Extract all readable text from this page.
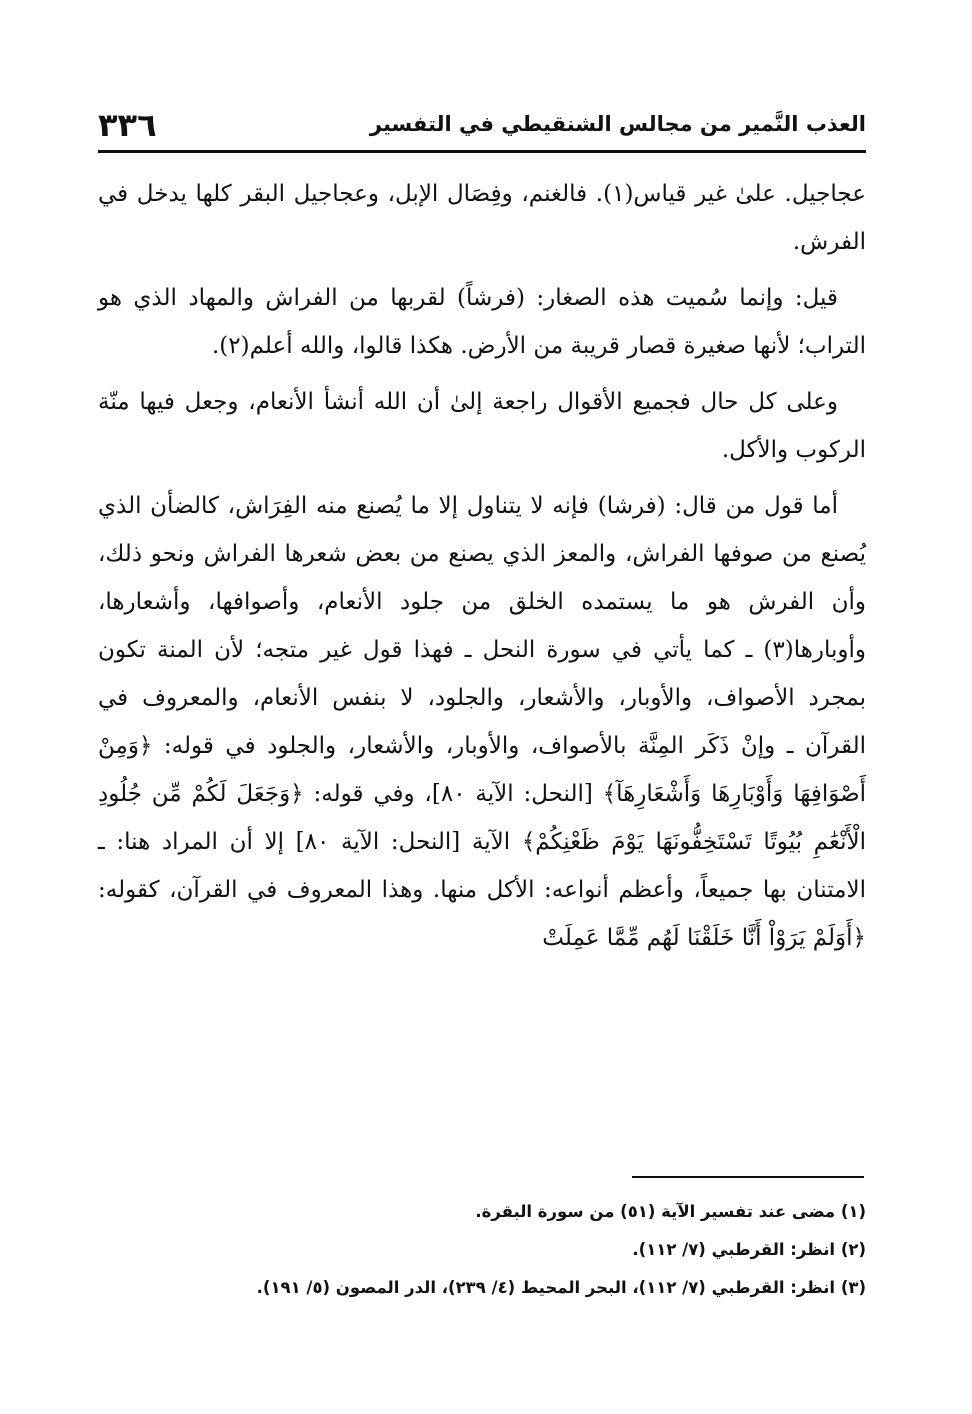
العذب النَّمير من مجالس الشنقيطي في التفسير
٣٣٦

عجاجيل. علىٰ غير قياس(١). فالغنم، وفِصَال الإبل، وعجاجيل البقر كلها يدخل في الفرش.

قيل: وإنما سُميت هذه الصغار: (فرشاً) لقربها من الفراش والمهاد الذي هو التراب؛ لأنها صغيرة قصار قريبة من الأرض. هكذا قالوا، والله أعلم(٢).

وعلى كل حال فجميع الأقوال راجعة إلىٰ أن الله أنشأ الأنعام، وجعل فيها منّة الركوب والأكل.

أما قول من قال: (فرشا) فإنه لا يتناول إلا ما يُصنع منه الفِرَاش، كالضأن الذي يُصنع من صوفها الفراش، والمعز الذي يصنع من بعض شعرها الفراش ونحو ذلك، وأن الفرش هو ما يستمده الخلق من جلود الأنعام، وأصوافها، وأشعارها، وأوبارها(٣) ـ كما يأتي في سورة النحل ـ فهذا قول غير متجه؛ لأن المنة تكون بمجرد الأصواف، والأوبار، والأشعار، والجلود، لا بنفس الأنعام، والمعروف في القرآن ـ وإنْ ذَكَر المِنَّة بالأصواف، والأوبار، والأشعار، والجلود في قوله: ﴿وَمِنْ أَصْوَافِهَا وَأَوْبَارِهَا وَأَشْعَارِهَآ﴾ [النحل: الآية ٨٠]، وفي قوله: ﴿وَجَعَلَ لَكُمْ مِّن جُلُودِ الْأَنْعَٰمِ بُيُوتًا تَسْتَخِفُّونَهَا يَوْمَ ظَعْنِكُمْ﴾ الآية [النحل: الآية ٨٠] إلا أن المراد هنا: ـ الامتنان بها جميعاً، وأعظم أنواعه: الأكل منها. وهذا المعروف في القرآن، كقوله: ﴿أَوَلَمْ يَرَوْاْ أَنَّا خَلَقْنَا لَهُم مِّمَّا عَمِلَتْ

(١) مضى عند تفسير الآية (٥١) من سورة البقرة.

(٢) انظر: القرطبي (٧/ ١١٢).

(٣) انظر: القرطبي (٧/ ١١٢)، البحر المحيط (٤/ ٢٣٩)، الدر المصون (٥/ ١٩١).
